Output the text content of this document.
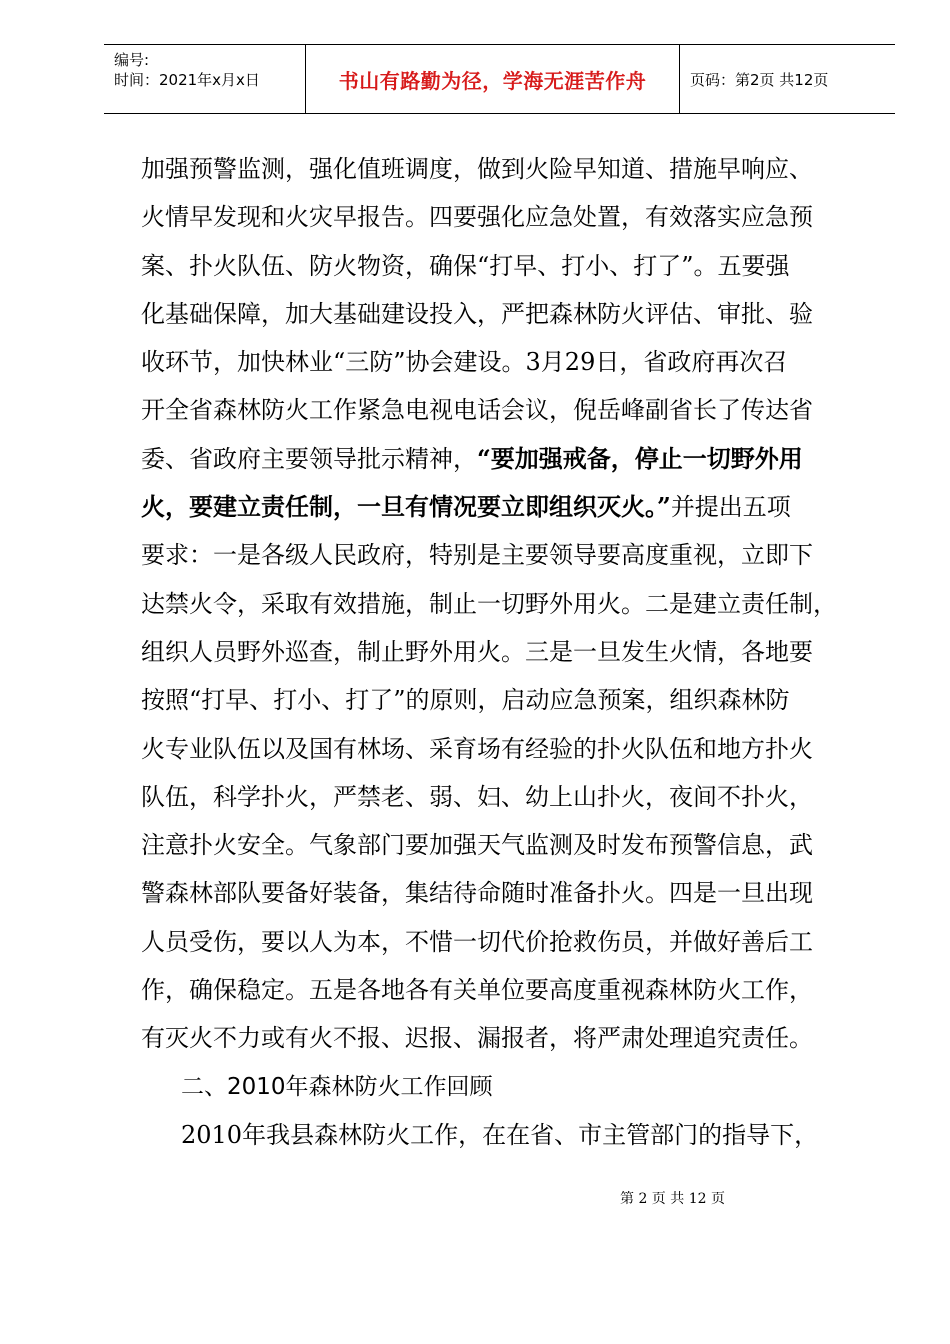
编号:
时间：2021年x月x日	书山有路勤为径，学海无涯苦作舟	页码：第2页 共12页
加强预警监测，强化值班调度，做到火险早知道、措施早响应、
火情早发现和火灾早报告。四要强化应急处置，有效落实应急预
案、扑火队伍、防火物资，确保“打早、打小、打了”。五要强
化基础保障，加大基础建设投入，严把森林防火评估、审批、验
收环节，加快林业“三防”协会建设。3月29日，省政府再次召
开全省森林防火工作紧急电视电话会议，倪岳峰副省长了传达省
委、省政府主要领导批示精神，“要加强戒备，停止一切野外用
火，要建立责任制，一旦有情况要立即组织灭火。”并提出五项
要求：一是各级人民政府，特别是主要领导要高度重视，立即下
达禁火令，采取有效措施，制止一切野外用火。二是建立责任制，
组织人员野外巡查，制止野外用火。三是一旦发生火情，各地要
按照“打早、打小、打了”的原则，启动应急预案，组织森林防
火专业队伍以及国有林场、采育场有经验的扑火队伍和地方扑火
队伍，科学扑火，严禁老、弱、妇、幼上山扑火，夜间不扑火，
注意扑火安全。气象部门要加强天气监测及时发布预警信息，武
警森林部队要备好装备，集结待命随时准备扑火。四是一旦出现
人员受伤，要以人为本，不惜一切代价抢救伤员，并做好善后工
作，确保稳定。五是各地各有关单位要高度重视森林防火工作，
有灭火不力或有火不报、迟报、漏报者，将严肃处理追究责任。
二、2010年森林防火工作回顾
2010年我县森林防火工作，在在省、市主管部门的指导下，
第 2 页 共 12 页
